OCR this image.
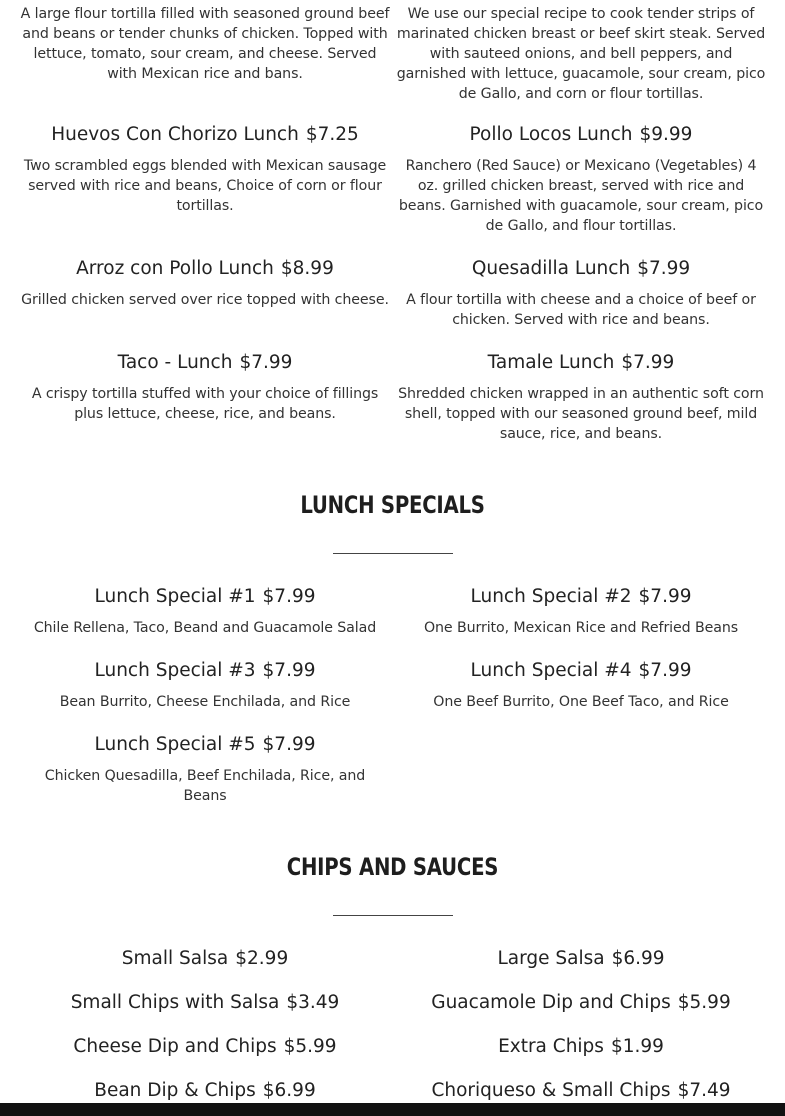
A large flour tortilla filled with seasoned ground beef and beans or tender chunks of chicken. Topped with lettuce, tomato, sour cream, and cheese. Served with Mexican rice and bans.

We use our special recipe to cook tender strips of marinated chicken breast or beef skirt steak. Served with sauteed onions, and bell peppers, and garnished with lettuce, guacamole, sour cream, pico de Gallo, and corn or flour tortillas.

Huevos Con Chorizo Lunch $7.25

Two scrambled eggs blended with Mexican sausage served with rice and beans, Choice of corn or flour tortillas.

Pollo Locos Lunch $9.99

Ranchero (Red Sauce) or Mexicano (Vegetables) 4 oz. grilled chicken breast, served with rice and beans. Garnished with guacamole, sour cream, pico de Gallo, and flour tortillas.

Arroz con Pollo Lunch $8.99

Grilled chicken served over rice topped with cheese.

Quesadilla Lunch $7.99

A flour tortilla with cheese and a choice of beef or chicken. Served with rice and beans.

Taco - Lunch $7.99

A crispy tortilla stuffed with your choice of fillings plus lettuce, cheese, rice, and beans.

Tamale Lunch $7.99

Shredded chicken wrapped in an authentic soft corn shell, topped with our seasoned ground beef, mild sauce, rice, and beans.

LUNCH SPECIALS

Lunch Special #1 $7.99

Chile Rellena, Taco, Beand and Guacamole Salad

Lunch Special #2 $7.99

One Burrito, Mexican Rice and Refried Beans

Lunch Special #3 $7.99

Bean Burrito, Cheese Enchilada, and Rice

Lunch Special #4 $7.99

One Beef Burrito, One Beef Taco, and Rice

Lunch Special #5 $7.99

Chicken Quesadilla, Beef Enchilada, Rice, and Beans

CHIPS AND SAUCES

Small Salsa $2.99	Large Salsa $6.99

Small Chips with Salsa $3.49	Guacamole Dip and Chips $5.99

Cheese Dip and Chips $5.99	Extra Chips $1.99

Bean Dip & Chips $6.99	Choriqueso & Small Chips $7.49
